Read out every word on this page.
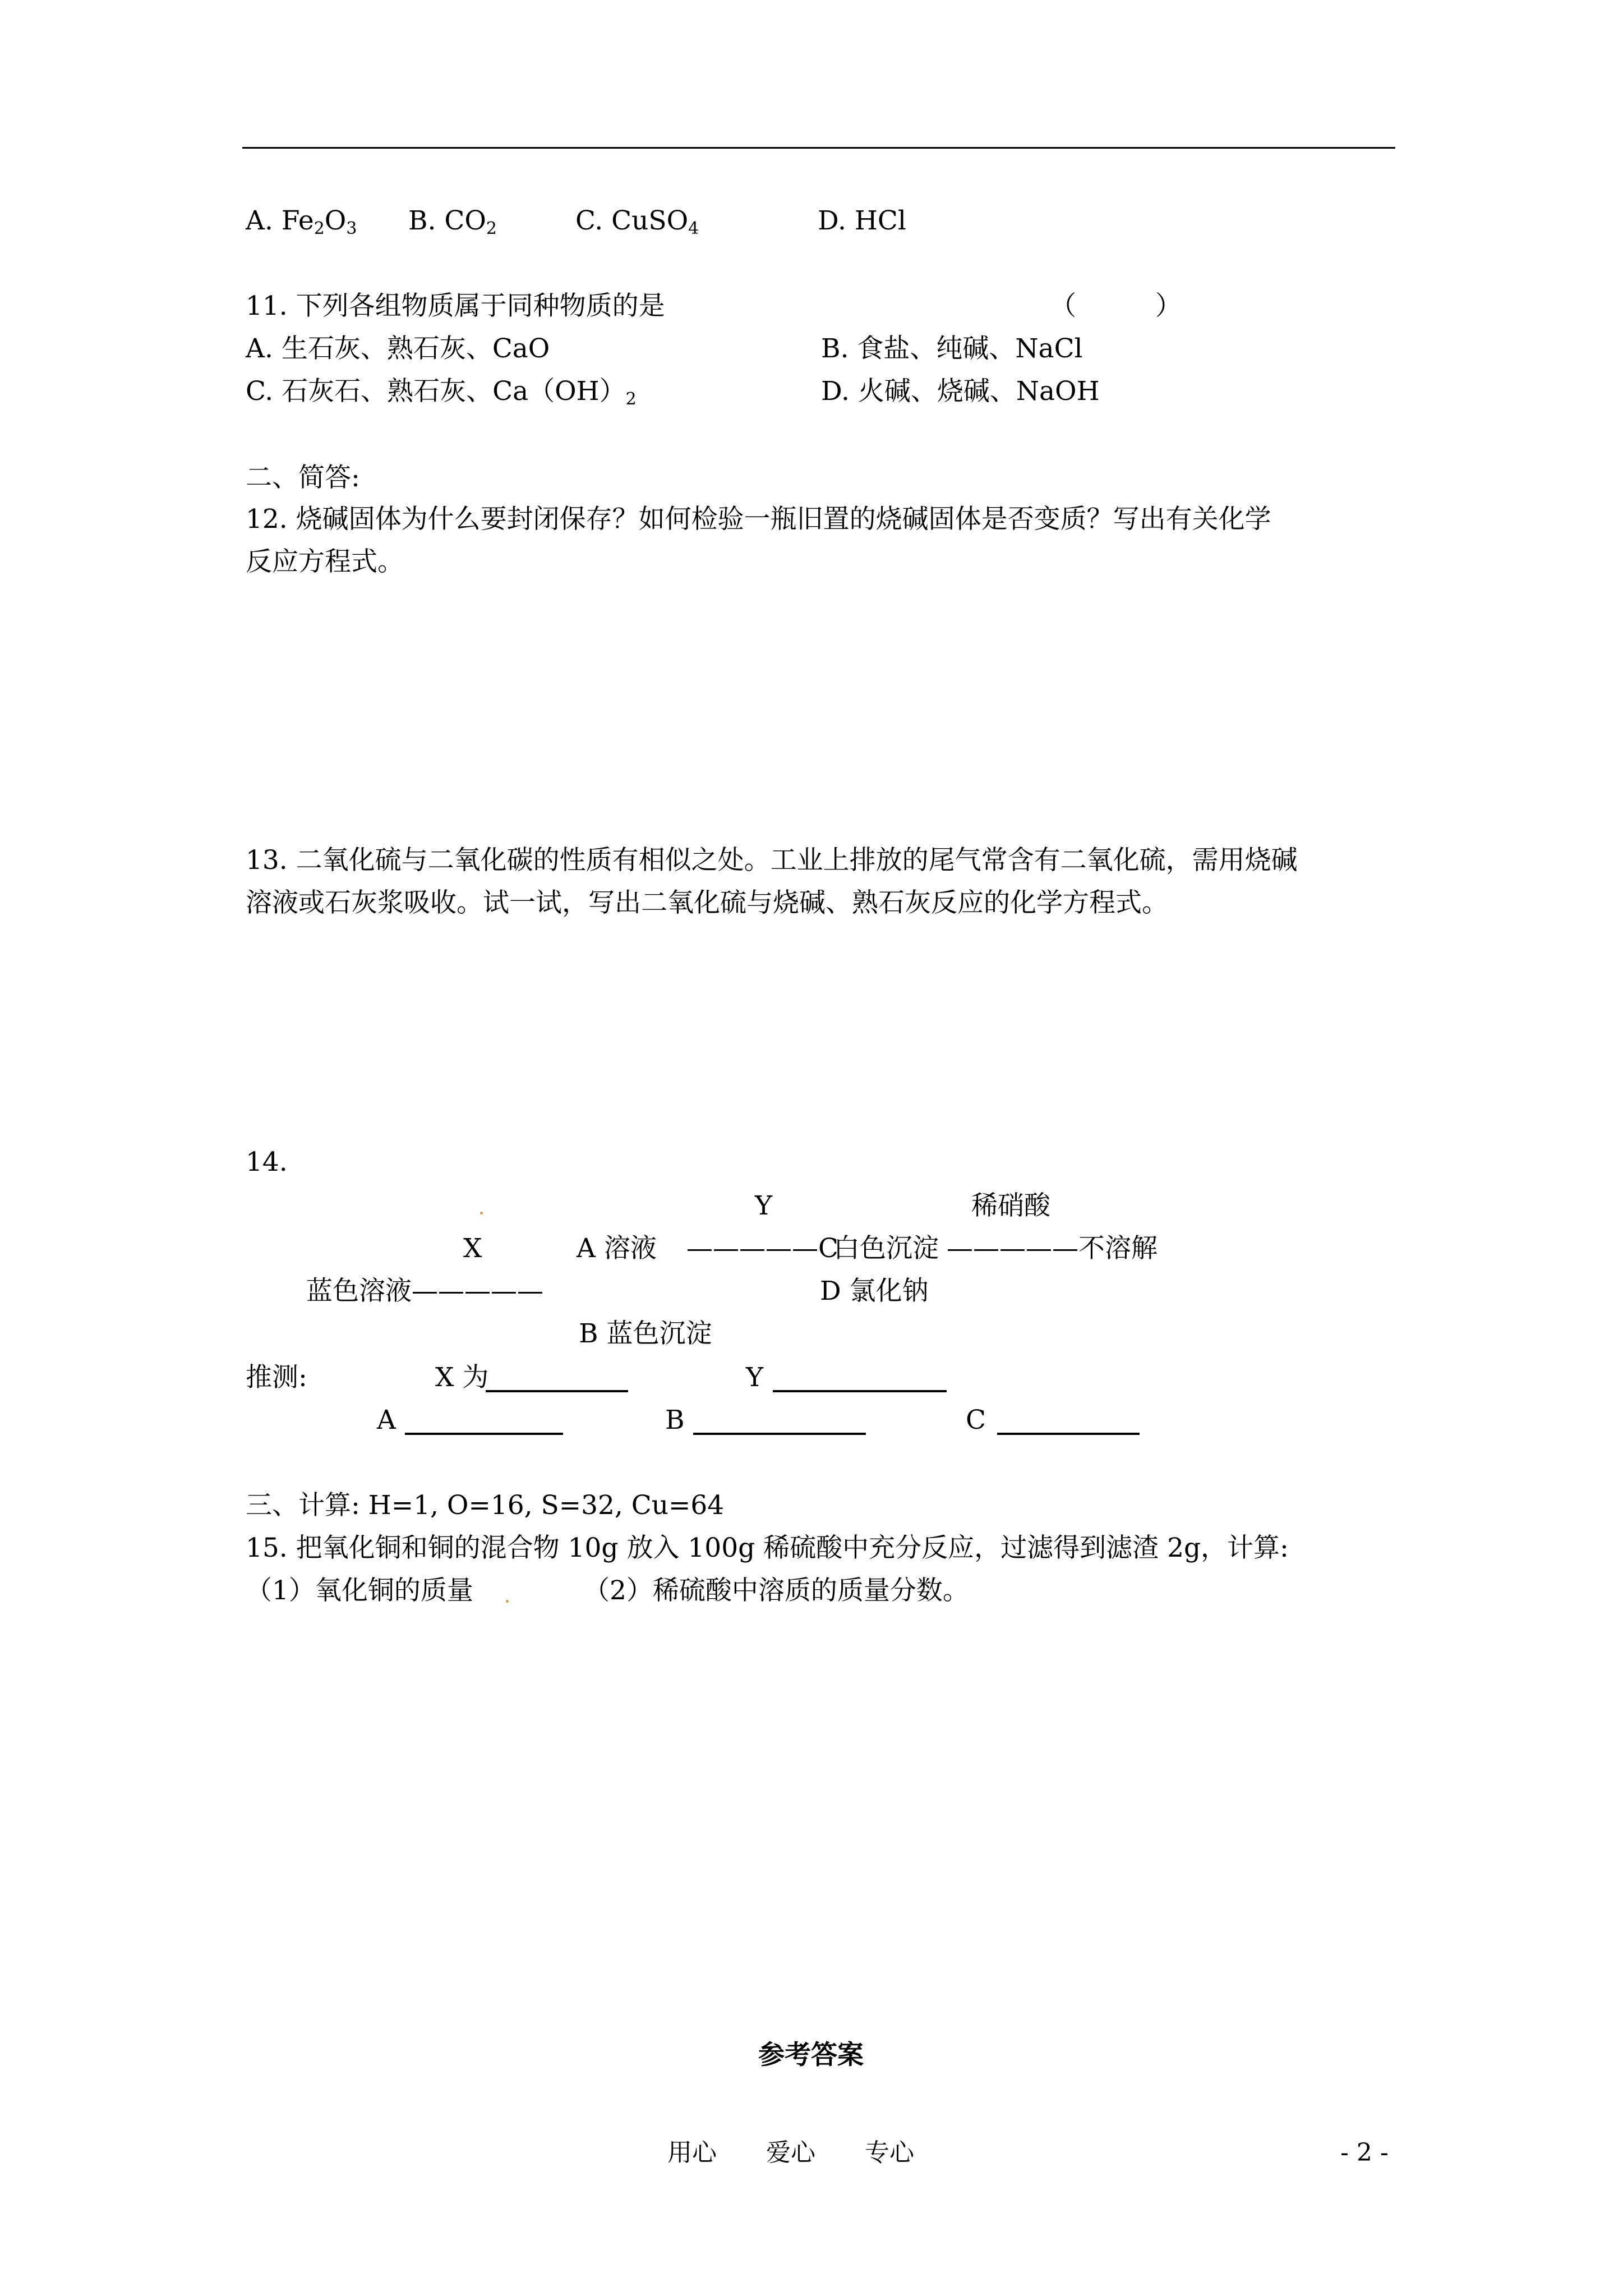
A. $Fe_2O_3$ B. $CO_2$	C. CuSO$_4$	D. HCl
11. 下列各组物质属于同种物质的是	（　　　）
A. 生石灰、熟石灰、CaO	B. 食盐、纯碱、NaCl
C. 石灰石、熟石灰、$Ca(OH)_2$	D. 火碱、烧碱、NaOH
二、简答:
12. 烧碱固体为什么要封闭保存？如何检验一瓶旧置的烧碱固体是否变质？写出有关化学
反应方程式。
13. 二氧化硫与二氧化碳的性质有相似之处。工业上排放的尾气常含有二氧化硫，需用烧碱
溶液或石灰浆吸收。试一试，写出二氧化硫与烧碱、熟石灰反应的化学方程式。
14.
Y	稀硝酸
X	A 溶液 —————C
白色沉淀 —————不溶解
蓝色溶液—————	D 氯化钠
B 蓝色沉淀
推测:	X 为	Y
A	B	C
三、计算: H=1, O=16, S=32, Cu=64
15. 把氧化铜和铜的混合物 10g 放入 100g 稀硫酸中充分反应，过滤得到滤渣 2g，计算:
（1）氧化铜的质量	（2）稀硫酸中溶质的质量分数。
参考答案
用心 爱心 专心	- 2 -
